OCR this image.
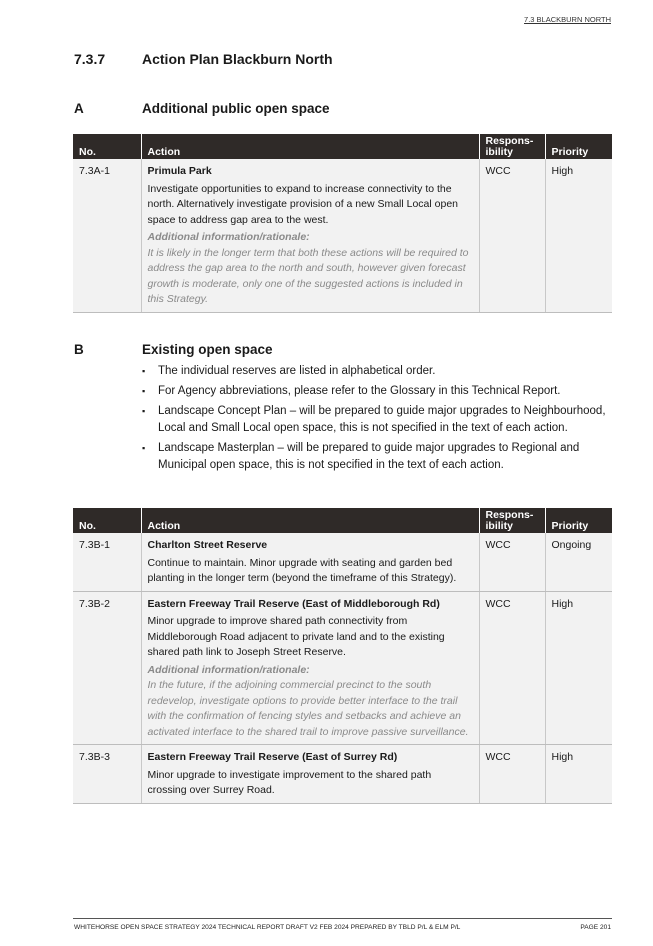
7.3 BLACKBURN NORTH
7.3.7	Action Plan Blackburn North
A	Additional public open space
No.	Action	Respons-ibility	Priority
7.3A-1	Primula Park

Investigate opportunities to expand to increase connectivity to the north. Alternatively investigate provision of a new Small Local open space to address gap area to the west.

Additional information/rationale:

It is likely in the longer term that both these actions will be required to address the gap area to the north and south, however given forecast growth is moderate, only one of the suggested actions is included in this Strategy.	WCC	High
B	Existing open space
▪ The individual reserves are listed in alphabetical order.
▪ For Agency abbreviations, please refer to the Glossary in this Technical Report.
▪ Landscape Concept Plan – will be prepared to guide major upgrades to Neighbourhood, Local and Small Local open space, this is not specified in the text of each action.
▪ Landscape Masterplan – will be prepared to guide major upgrades to Regional and Municipal open space, this is not specified in the text of each action.
No.	Action	Respons-ibility	Priority
7.3B-1	Charlton Street Reserve

Continue to maintain. Minor upgrade with seating and garden bed planting in the longer term (beyond the timeframe of this Strategy).	WCC	Ongoing
7.3B-2	Eastern Freeway Trail Reserve (East of Middleborough Rd)

Minor upgrade to improve shared path connectivity from Middleborough Road adjacent to private land and to the existing shared path link to Joseph Street Reserve.

Additional information/rationale:

In the future, if the adjoining commercial precinct to the south redevelop, investigate options to provide better interface to the trail with the confirmation of fencing styles and setbacks and achieve an activated interface to the shared trail to improve passive surveillance.	WCC	High
7.3B-3	Eastern Freeway Trail Reserve (East of Surrey Rd)

Minor upgrade to investigate improvement to the shared path crossing over Surrey Road.	WCC	High
WHITEHORSE OPEN SPACE STRATEGY 2024 TECHNICAL REPORT DRAFT V2 FEB 2024 PREPARED BY TBLD P/L & ELM P/L	PAGE 201
